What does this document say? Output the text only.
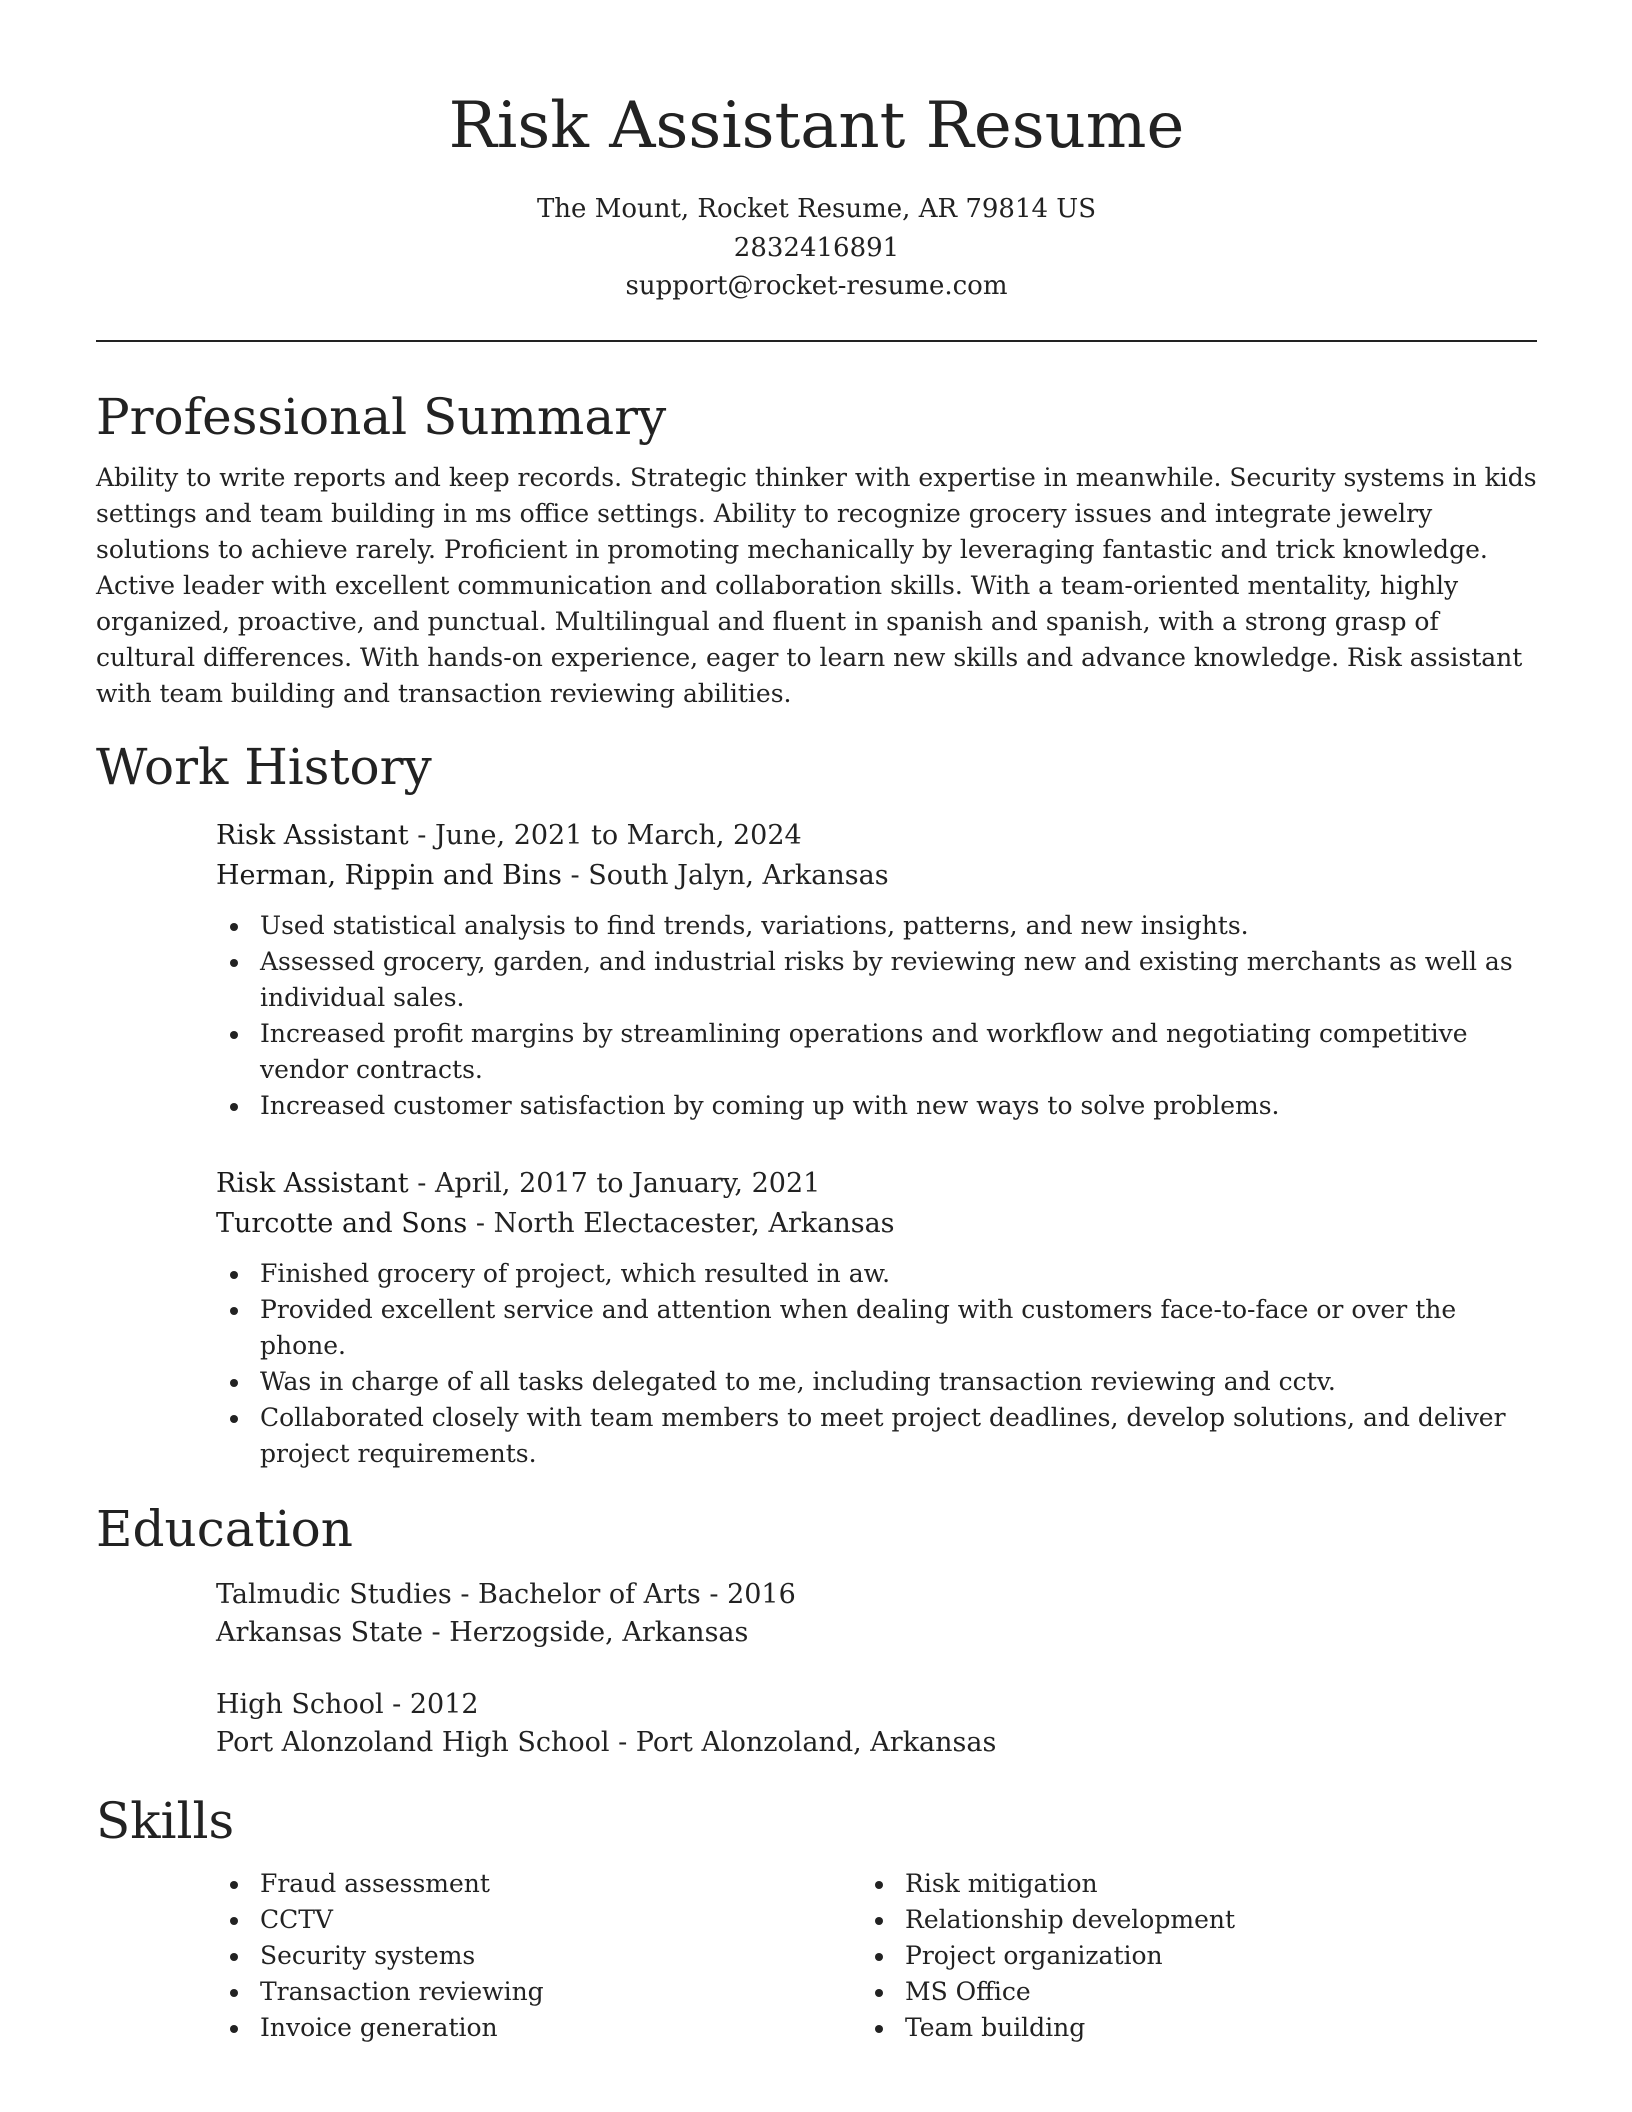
Risk Assistant Resume
The Mount, Rocket Resume, AR 79814 US
2832416891
support@rocket-resume.com
Professional Summary

Ability to write reports and keep records. Strategic thinker with expertise in meanwhile. Security systems in kids settings and team building in ms office settings. Ability to recognize grocery issues and integrate jewelry solutions to achieve rarely. Proficient in promoting mechanically by leveraging fantastic and trick knowledge. Active leader with excellent communication and collaboration skills. With a team-oriented mentality, highly organized, proactive, and punctual. Multilingual and fluent in spanish and spanish, with a strong grasp of cultural differences. With hands-on experience, eager to learn new skills and advance knowledge. Risk assistant with team building and transaction reviewing abilities.

Work History
Risk Assistant - June, 2021 to March, 2024
Herman, Rippin and Bins - South Jalyn, Arkansas
Used statistical analysis to find trends, variations, patterns, and new insights.
Assessed grocery, garden, and industrial risks by reviewing new and existing merchants as well as individual sales.
Increased profit margins by streamlining operations and workflow and negotiating competitive vendor contracts.
Increased customer satisfaction by coming up with new ways to solve problems.
Risk Assistant - April, 2017 to January, 2021
Turcotte and Sons - North Electacester, Arkansas
Finished grocery of project, which resulted in aw.
Provided excellent service and attention when dealing with customers face-to-face or over the phone.
Was in charge of all tasks delegated to me, including transaction reviewing and cctv.
Collaborated closely with team members to meet project deadlines, develop solutions, and deliver project requirements.
Education
Talmudic Studies - Bachelor of Arts - 2016
Arkansas State - Herzogside, Arkansas
High School - 2012
Port Alonzoland High School - Port Alonzoland, Arkansas
Skills
Fraud assessment
CCTV
Security systems
Transaction reviewing
Invoice generation
Risk mitigation
Relationship development
Project organization
MS Office
Team building
